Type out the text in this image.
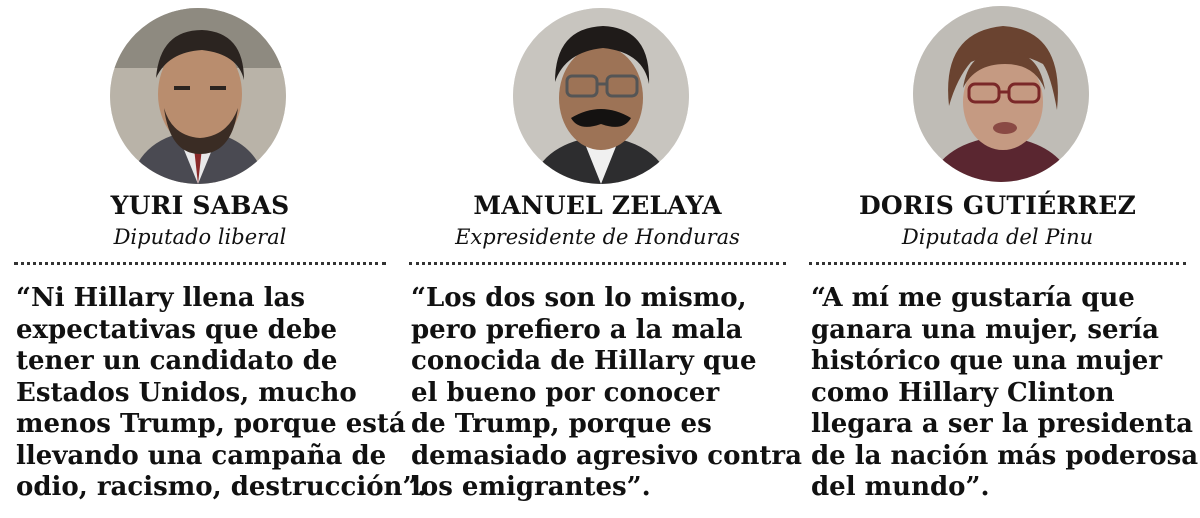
YURI SABAS
Diputado liberal

“Ni Hillary llena las
expectativas que debe
tener un candidato de
Estados Unidos, mucho
menos Trump, porque está
llevando una campaña de
odio, racismo, destrucción”.

MANUEL ZELAYA
Expresidente de Honduras

“Los dos son lo mismo,
pero prefiero a la mala
conocida de Hillary que
el bueno por conocer
de Trump, porque es
demasiado agresivo contra
los emigrantes”.

DORIS GUTIÉRREZ
Diputada del Pinu

“A mí me gustaría que
ganara una mujer, sería
histórico que una mujer
como Hillary Clinton
llegara a ser la presidenta
de la nación más poderosa
del mundo”.
